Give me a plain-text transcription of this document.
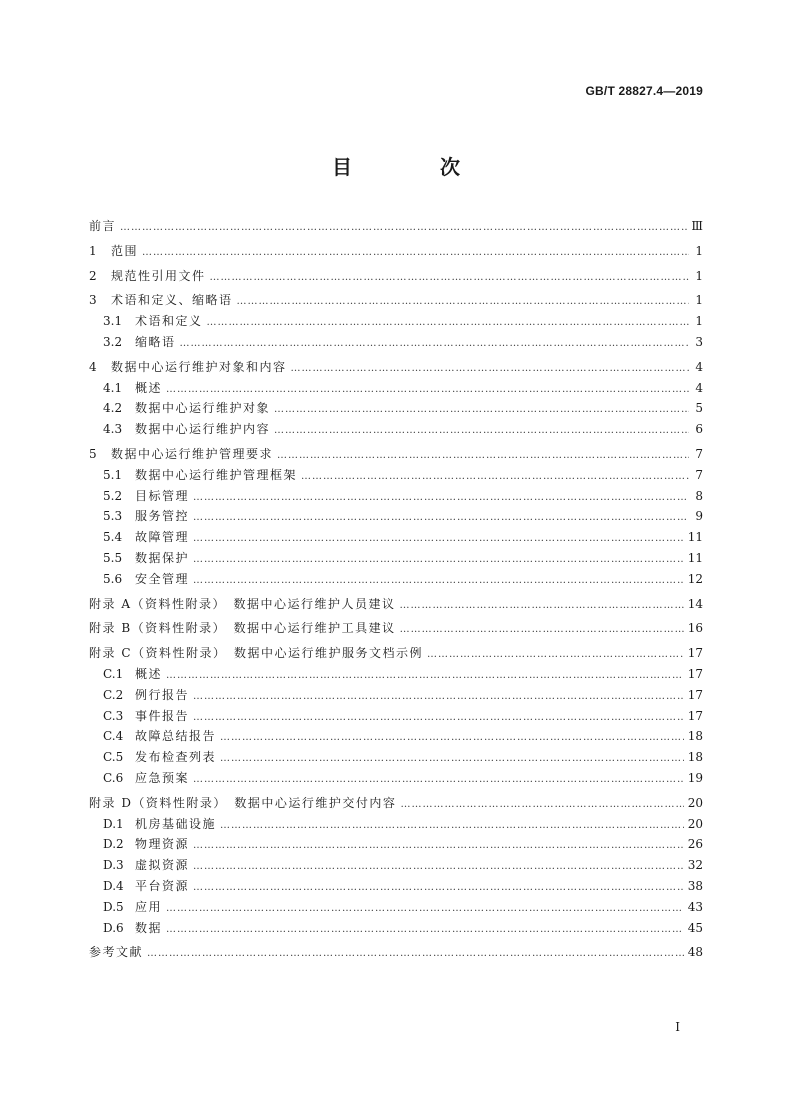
GB/T 28827.4—2019
目　次
前言 ………………………………………………………………………………………………………………………………………………………………………………………………………………………………………………………………………………	Ⅲ
1	范围 ………………………………………………………………………………………………………………………………………………………………………………………………………………………………………………………………………………	1
2	规范性引用文件 ………………………………………………………………………………………………………………………………………………………………………………………………………………………………………………………………………………	1
3	术语和定义、缩略语 ………………………………………………………………………………………………………………………………………………………………………………………………………………………………………………………………………………	1
3.1	术语和定义 ………………………………………………………………………………………………………………………………………………………………………………………………………………………………………………………………………………	1
3.2	缩略语 ………………………………………………………………………………………………………………………………………………………………………………………………………………………………………………………………………………	3
4	数据中心运行维护对象和内容 ………………………………………………………………………………………………………………………………………………………………………………………………………………………………………………………………………………	4
4.1	概述 ………………………………………………………………………………………………………………………………………………………………………………………………………………………………………………………………………………	4
4.2	数据中心运行维护对象 ………………………………………………………………………………………………………………………………………………………………………………………………………………………………………………………………………………	5
4.3	数据中心运行维护内容 ………………………………………………………………………………………………………………………………………………………………………………………………………………………………………………………………………………	6
5	数据中心运行维护管理要求 ………………………………………………………………………………………………………………………………………………………………………………………………………………………………………………………………………………	7
5.1	数据中心运行维护管理框架 ………………………………………………………………………………………………………………………………………………………………………………………………………………………………………………………………………………	7
5.2	目标管理 ………………………………………………………………………………………………………………………………………………………………………………………………………………………………………………………………………………	8
5.3	服务管控 ………………………………………………………………………………………………………………………………………………………………………………………………………………………………………………………………………………	9
5.4	故障管理 ………………………………………………………………………………………………………………………………………………………………………………………………………………………………………………………………………………	11
5.5	数据保护 ………………………………………………………………………………………………………………………………………………………………………………………………………………………………………………………………………………	11
5.6	安全管理 ………………………………………………………………………………………………………………………………………………………………………………………………………………………………………………………………………………	12
附录 A（资料性附录）　数据中心运行维护人员建议 ………………………………………………………………………………………………………………………………………………………………………………………………………………………………………………………………………………	14
附录 B（资料性附录）　数据中心运行维护工具建议 ………………………………………………………………………………………………………………………………………………………………………………………………………………………………………………………………………………	16
附录 C（资料性附录）　数据中心运行维护服务文档示例 ………………………………………………………………………………………………………………………………………………………………………………………………………………………………………………………………………………	17
C.1 概述 ………………………………………………………………………………………………………………………………………………………………………………………………………………………………………………………………………………	17
C.2 例行报告 ………………………………………………………………………………………………………………………………………………………………………………………………………………………………………………………………………………	17
C.3 事件报告 ………………………………………………………………………………………………………………………………………………………………………………………………………………………………………………………………………………	17
C.4 故障总结报告 ………………………………………………………………………………………………………………………………………………………………………………………………………………………………………………………………………………	18
C.5 发布检查列表 ………………………………………………………………………………………………………………………………………………………………………………………………………………………………………………………………………………	18
C.6 应急预案 ………………………………………………………………………………………………………………………………………………………………………………………………………………………………………………………………………………	19
附录 D（资料性附录）　数据中心运行维护交付内容 ………………………………………………………………………………………………………………………………………………………………………………………………………………………………………………………………………………	20
D.1 机房基础设施 ………………………………………………………………………………………………………………………………………………………………………………………………………………………………………………………………………………	20
D.2 物理资源 ………………………………………………………………………………………………………………………………………………………………………………………………………………………………………………………………………………	26
D.3 虚拟资源 ………………………………………………………………………………………………………………………………………………………………………………………………………………………………………………………………………………	32
D.4 平台资源 ………………………………………………………………………………………………………………………………………………………………………………………………………………………………………………………………………………	38
D.5 应用 ………………………………………………………………………………………………………………………………………………………………………………………………………………………………………………………………………………	43
D.6 数据 ………………………………………………………………………………………………………………………………………………………………………………………………………………………………………………………………………………	45
参考文献 ………………………………………………………………………………………………………………………………………………………………………………………………………………………………………………………………………………	48
I
